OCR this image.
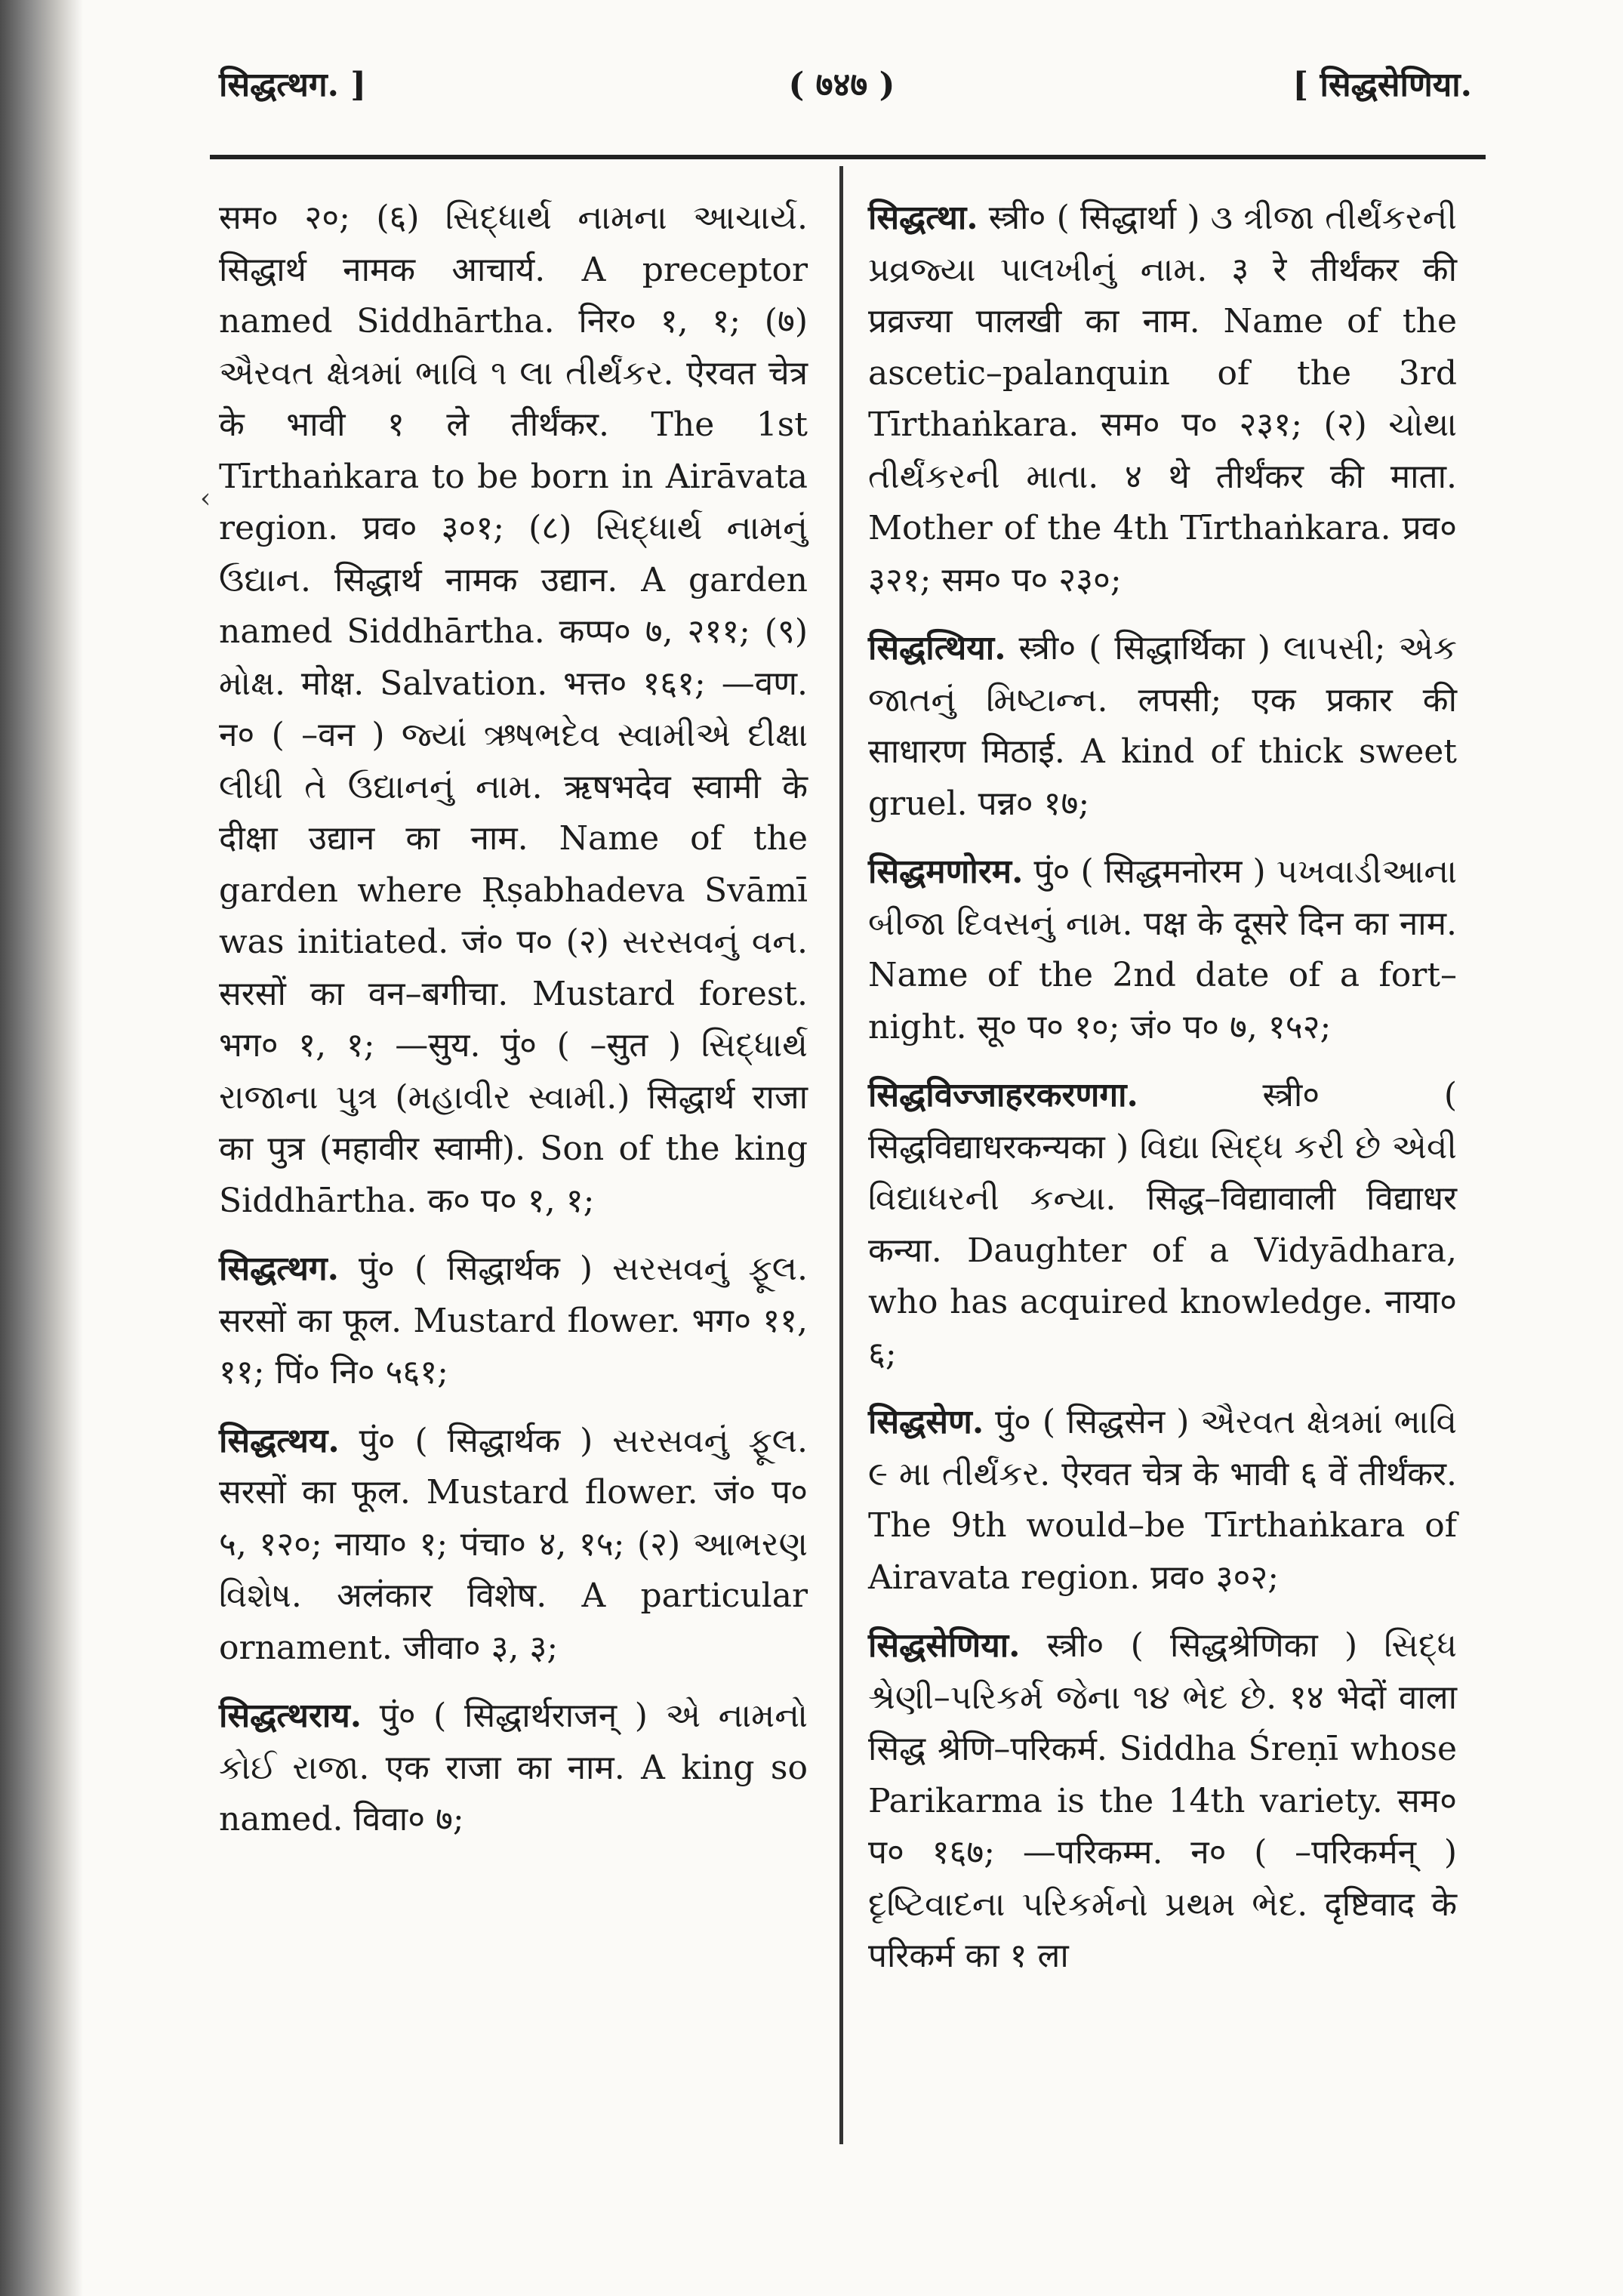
सिद्धत्थग. ]	( ७४७ )	[ सिद्धसेणिया.
‹

सम० २०; (६) સિદ્ધાર્થ નામના આચાર્ય. सिद्धार्थ नामक आचार्य. A preceptor named Siddhārtha. निर० १, १; (७) ઐરવત ક્ષેત્રમાં ભાવિ ૧ લા તીર્થંકર. ऐरवत चेत्र के भावी १ ले तीर्थंकर. The 1st Tīrthaṅkara to be born in Airāvata region. प्रव० ३०१; (८) સિદ્ધાર્થ નામનું ઉદ્યાન. सिद्धार्थ नामक उद्यान. A garden named Siddhārtha. कप्प० ७, २११; (९) મોક્ષ. मोक्ष. Salvation. भत्त० १६१; —वण. न० ( –वन ) જ્યાં ઋષભદેવ સ્વામીએ દીક્ષા લીધી તે ઉદ્યાનનું નામ. ऋषभदेव स्वामी के दीक्षा उद्यान का नाम. Name of the garden where Ṛṣabhadeva Svāmī was initiated. जं० प० (२) સરસવનું વન. सरसों का वन–बगीचा. Mustard forest. भग० १, १; —सुय. पुं० ( –सुत ) સિદ્ધાર્થ રાજાના પુત્ર (મહાવીર સ્વામી.) सिद्धार्थ राजा का पुत्र (महावीर स्वामी). Son of the king Siddhārtha. क० प० १, १;

सिद्धत्थग. पुं० ( सिद्धार्थक ) સરસવનું ફૂલ. सरसों का फूल. Mustard flower. भग० ११, ११; पिं० नि० ५६१;

सिद्धत्थय. पुं० ( सिद्धार्थक ) સરસવનું ફૂલ. सरसों का फूल. Mustard flower. जं० प० ५, १२०; नाया० १; पंचा० ४, १५; (२) આભરણ વિશેષ. अलंकार विशेष. A particular ornament. जीवा० ३, ३;

सिद्धत्थराय. पुं० ( सिद्धार्थराजन् ) એ નામનો કોઈ રાજા. एक राजा का नाम. A king so named. विवा० ७;

सिद्धत्था. स्त्री० ( सिद्धार्था ) ૩ ત્રીજા તીર્થંકરની પ્રવ્રજ્યા પાલખીનું નામ. ३ रे तीर्थंकर की प्रव्रज्या पालखी का नाम. Name of the ascetic–palanquin of the 3rd Tīrthaṅkara. सम० प० २३१; (२) ચોથા તીર્થંકરની માતા. ४ थे तीर्थंकर की माता. Mother of the 4th Tīrthaṅkara. प्रव० ३२१; सम० प० २३०;

सिद्धत्थिया. स्त्री० ( सिद्धार्थिका ) લાપસી; એક જાતનું મિષ્ટાન્ન. लपसी; एक प्रकार की साधारण मिठाई. A kind of thick sweet gruel. पन्न० १७;

सिद्धमणोरम. पुं० ( सिद्धमनोरम ) પખવાડીઆના બીજા દિવસનું નામ. पक्ष के दूसरे दिन का नाम. Name of the 2nd date of a fort–night. सू० प० १०; जं० प० ७, १५२;

सिद्धविज्जाहरकरणगा.	स्त्री० ( सिद्धविद्याधरकन्यका ) વિદ્યા સિદ્ધ કરી છે એવી વિદ્યાધરની કન્યા. सिद्ध–विद्यावाली विद्याधर कन्या. Daughter of a Vidyādhara, who has acquired knowledge. नाया० ६;

सिद्धसेण. पुं० ( सिद्धसेन ) ઐરવત ક્ષેત્રમાં ભાવિ ૯ મા તીર્થંકર. ऐरवत चेत्र के भावी ६ वें तीर्थंकर. The 9th would–be Tīrthaṅkara of Airavata region. प्रव० ३०२;

सिद्धसेणिया. स्त्री० ( सिद्धश्रेणिका ) સિદ્ધ શ્રેણી–પરિકર્મ જેના ૧૪ ભેદ છે. १४ भेदों वाला सिद्ध श्रेणि–परिकर्म. Siddha Śreṇī whose Parikarma is the 14th variety. सम० प० १६७; —परिकम्म. न० ( –परिकर्मन् ) દૃષ્ટિવાદના પરિકર્મનો પ્રથમ ભેદ. दृष्टिवाद के परिकर्म का १ ला
